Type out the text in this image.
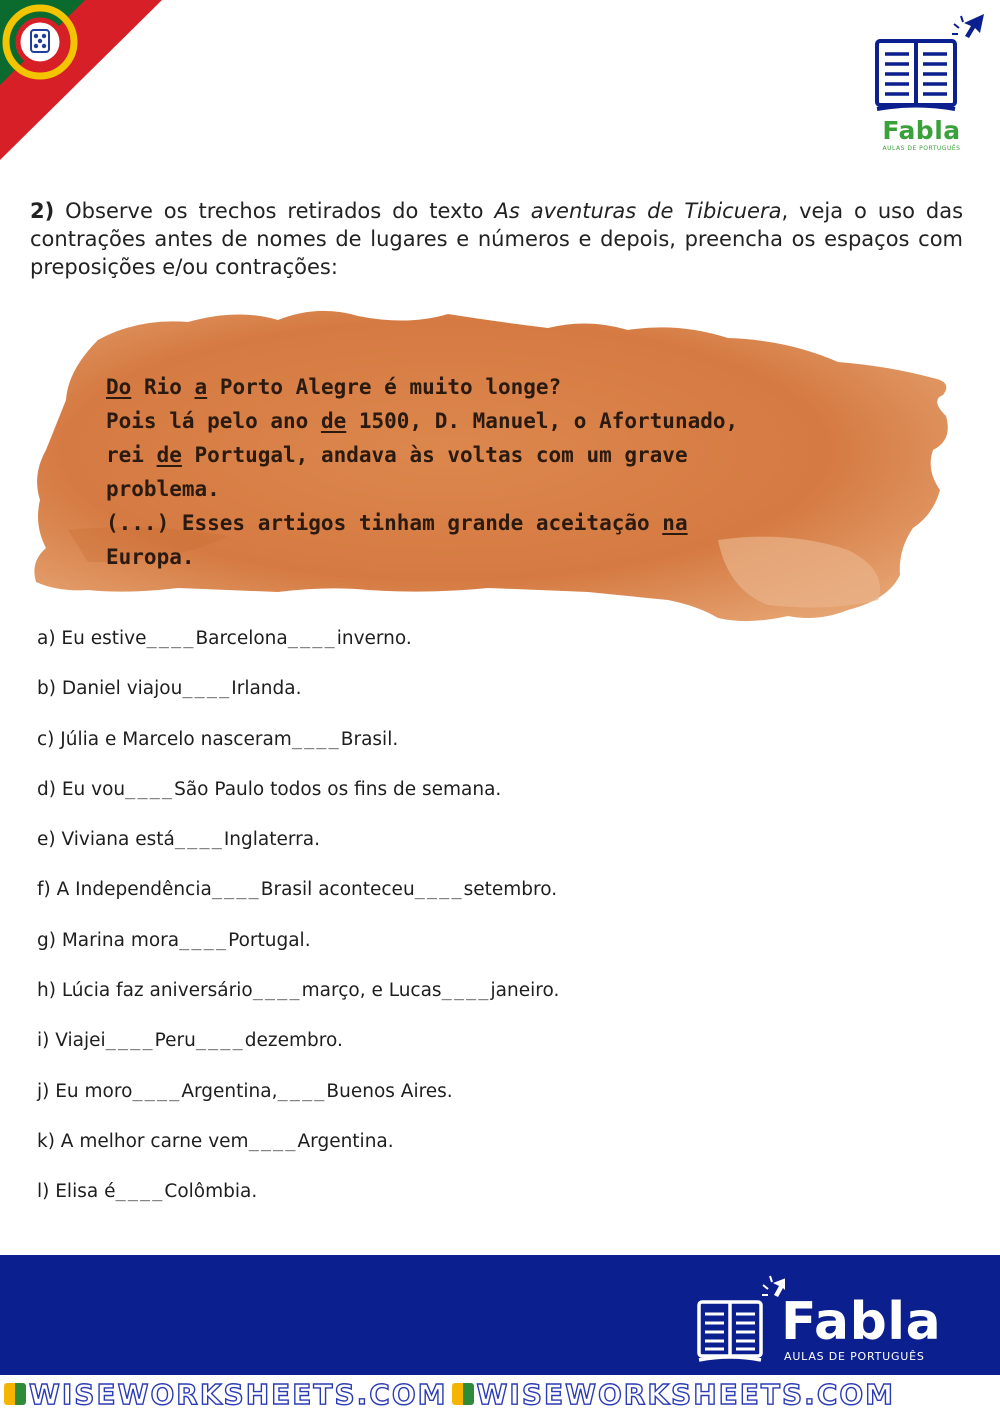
Fabla
AULAS DE PORTUGUÊS
2) Observe os trechos retirados do texto As aventuras de Tibicuera, veja o uso das contrações antes de nomes de lugares e números e depois, preencha os espaços com preposições e/ou contrações:
Do Rio a Porto Alegre é muito longe?
Pois lá pelo ano de 1500, D. Manuel, o Afortunado,
rei de Portugal, andava às voltas com um grave
problema.
(...) Esses artigos tinham grande aceitação na
Europa.
a) Eu estive____Barcelona____inverno.
b) Daniel viajou____Irlanda.
c) Júlia e Marcelo nasceram____Brasil.
d) Eu vou____São Paulo todos os fins de semana.
e) Viviana está____Inglaterra.
f) A Independência____Brasil aconteceu____setembro.
g) Marina mora____Portugal.
h) Lúcia faz aniversário____março, e Lucas____janeiro.
i) Viajei____Peru____dezembro.
j) Eu moro____Argentina,____Buenos Aires.
k) A melhor carne vem____Argentina.
l) Elisa é____Colômbia.
Fabla
AULAS DE PORTUGUÊS
WISEWORKSHEETS.COM WISEWORKSHEETS.COM
